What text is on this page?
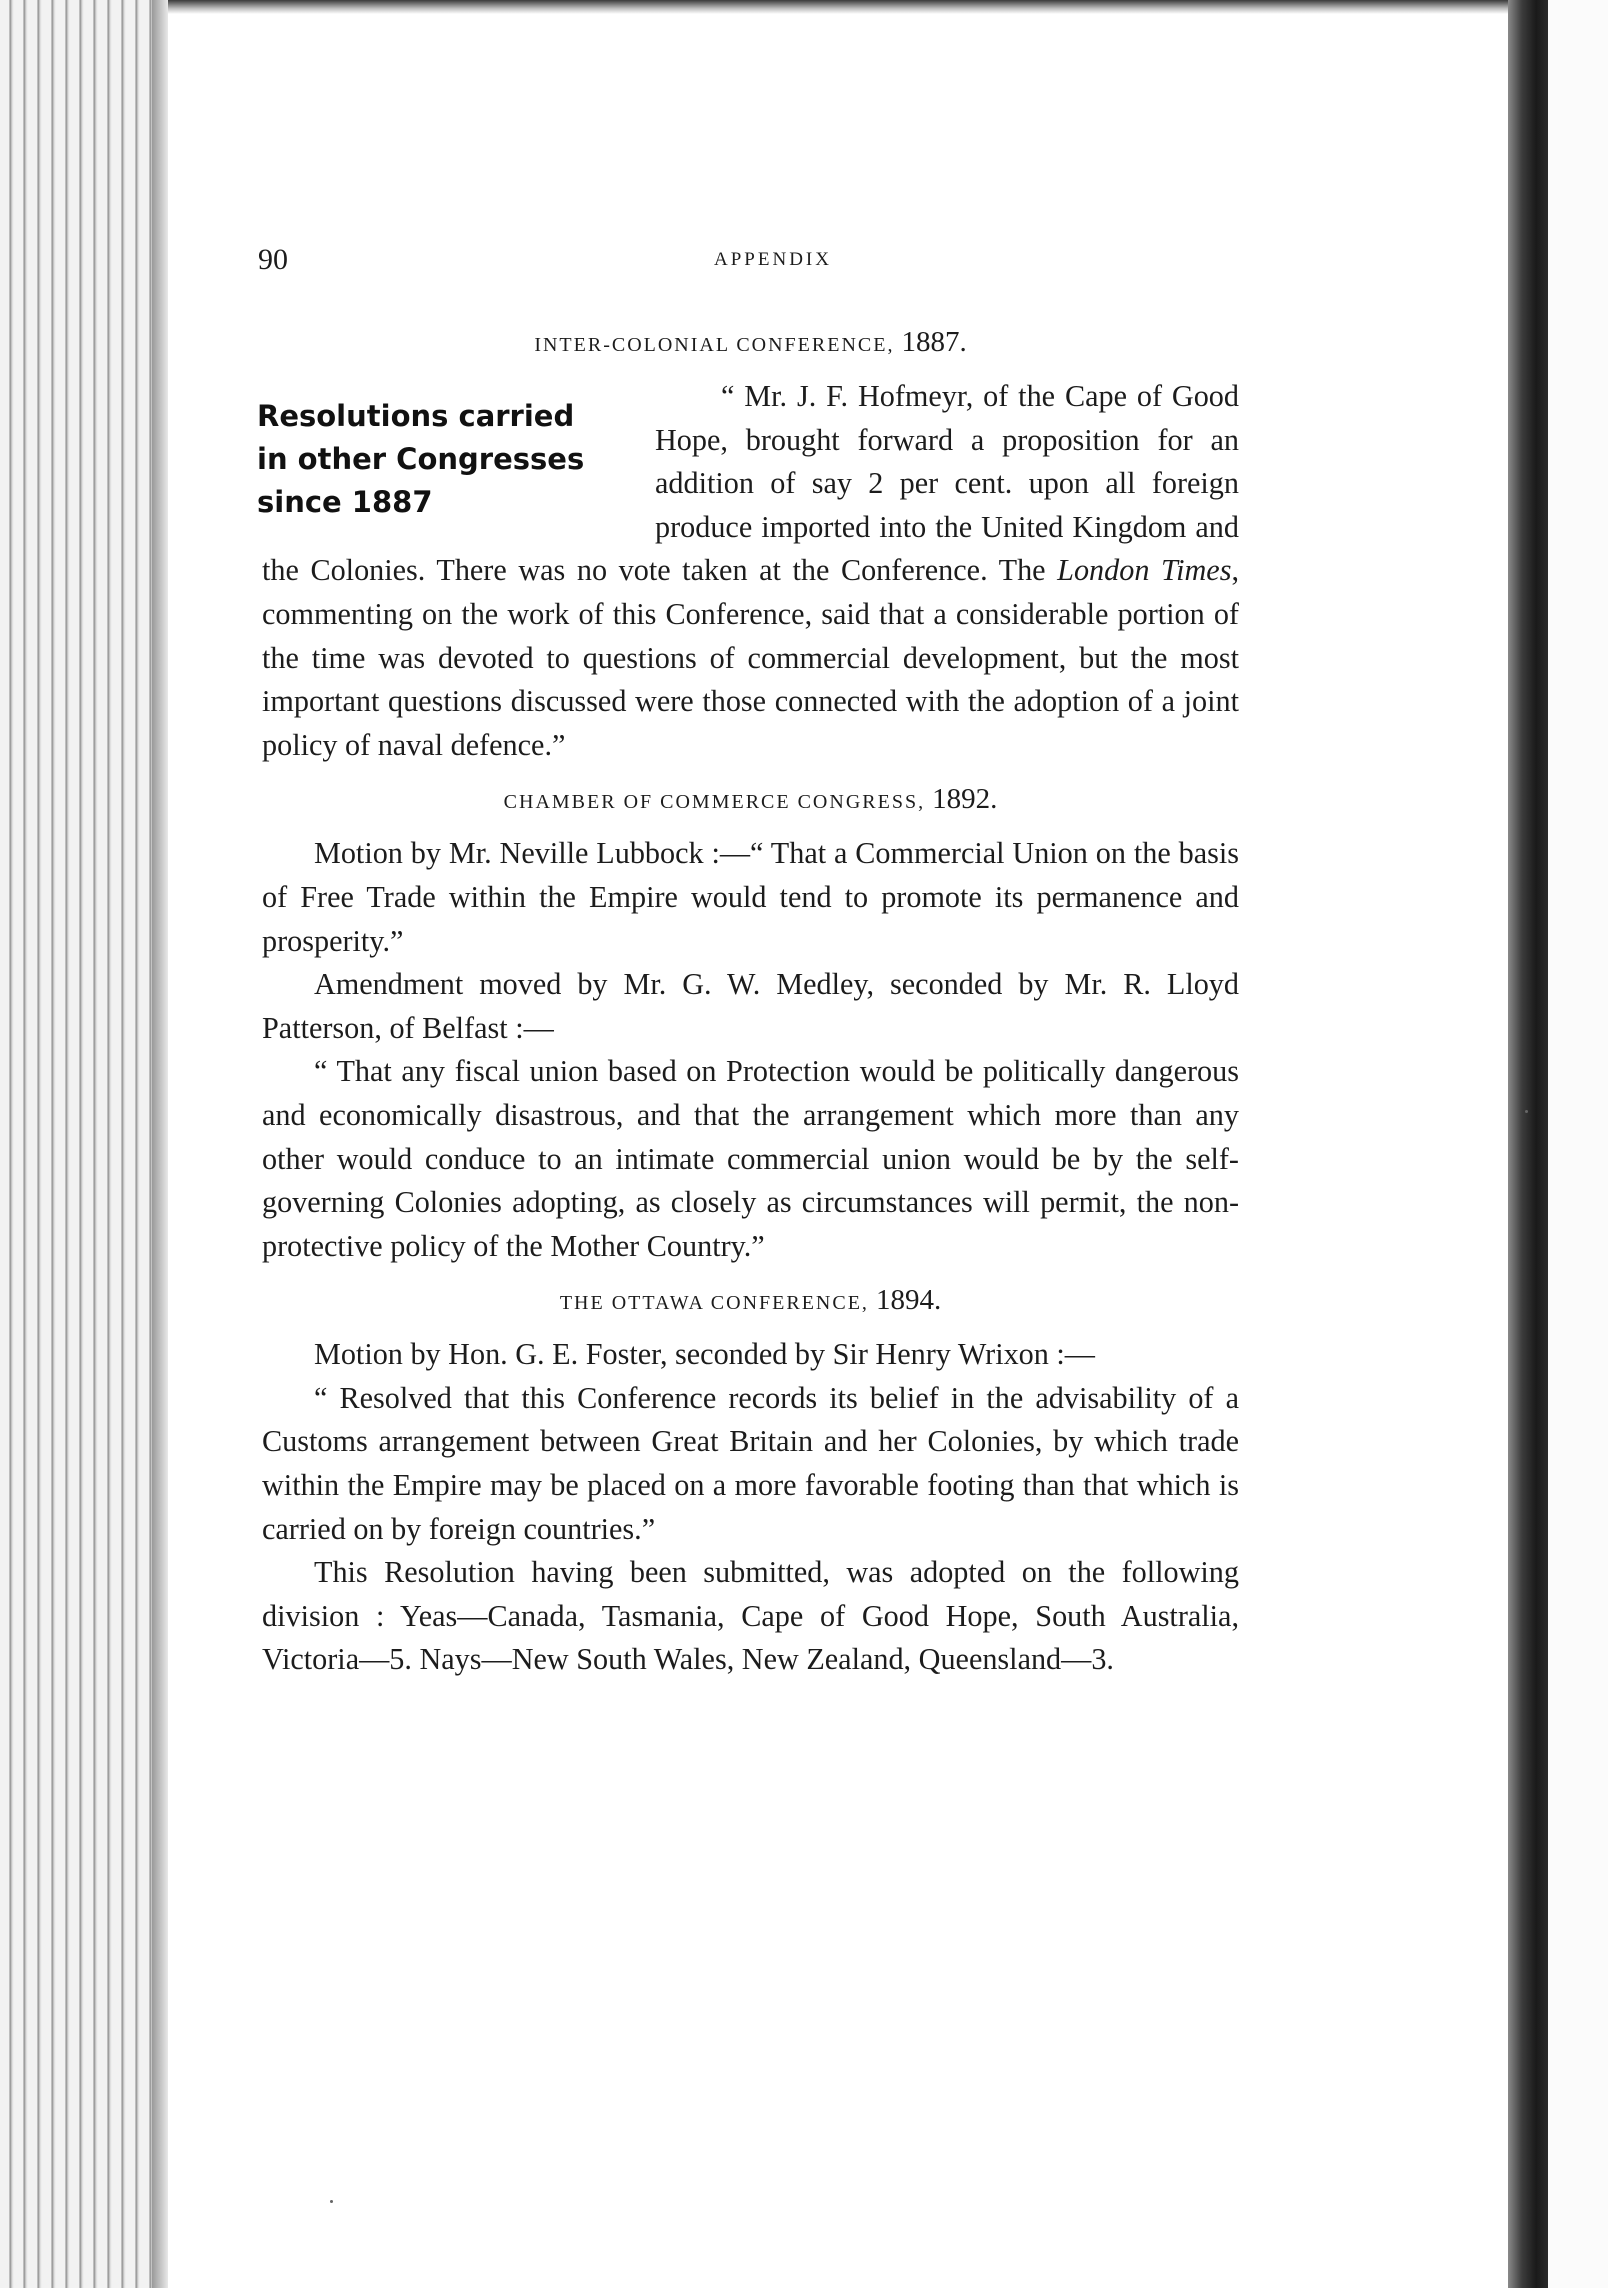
90	APPENDIX
INTER-COLONIAL CONFERENCE, 1887.
Resolutions carried
in other Congresses
since 1887

“ Mr. J. F. Hofmeyr, of the Cape of Good Hope, brought forward a proposition for an addition of say 2 per cent. upon all foreign produce imported into the United Kingdom and the Colonies. There was no vote taken at the Conference. The London Times, commenting on the work of this Conference, said that a considerable portion of the time was devoted to questions of commercial development, but the most important questions discussed were those connected with the adoption of a joint policy of naval defence.”

CHAMBER OF COMMERCE CONGRESS, 1892.

Motion by Mr. Neville Lubbock :—“ That a Commercial Union on the basis of Free Trade within the Empire would tend to promote its permanence and prosperity.”

Amendment moved by Mr. G. W. Medley, seconded by Mr. R. Lloyd Patterson, of Belfast :—

“ That any fiscal union based on Protection would be politically dangerous and economically disastrous, and that the arrangement which more than any other would conduce to an intimate commercial union would be by the self-governing Colonies adopting, as closely as circumstances will permit, the non-protective policy of the Mother Country.”

THE OTTAWA CONFERENCE, 1894.

Motion by Hon. G. E. Foster, seconded by Sir Henry Wrixon :—

“ Resolved that this Conference records its belief in the advisability of a Customs arrangement between Great Britain and her Colonies, by which trade within the Empire may be placed on a more favorable footing than that which is carried on by foreign countries.”

This Resolution having been submitted, was adopted on the following division : Yeas—Canada, Tasmania, Cape of Good Hope, South Australia, Victoria—5. Nays—New South Wales, New Zealand, Queensland—3.
